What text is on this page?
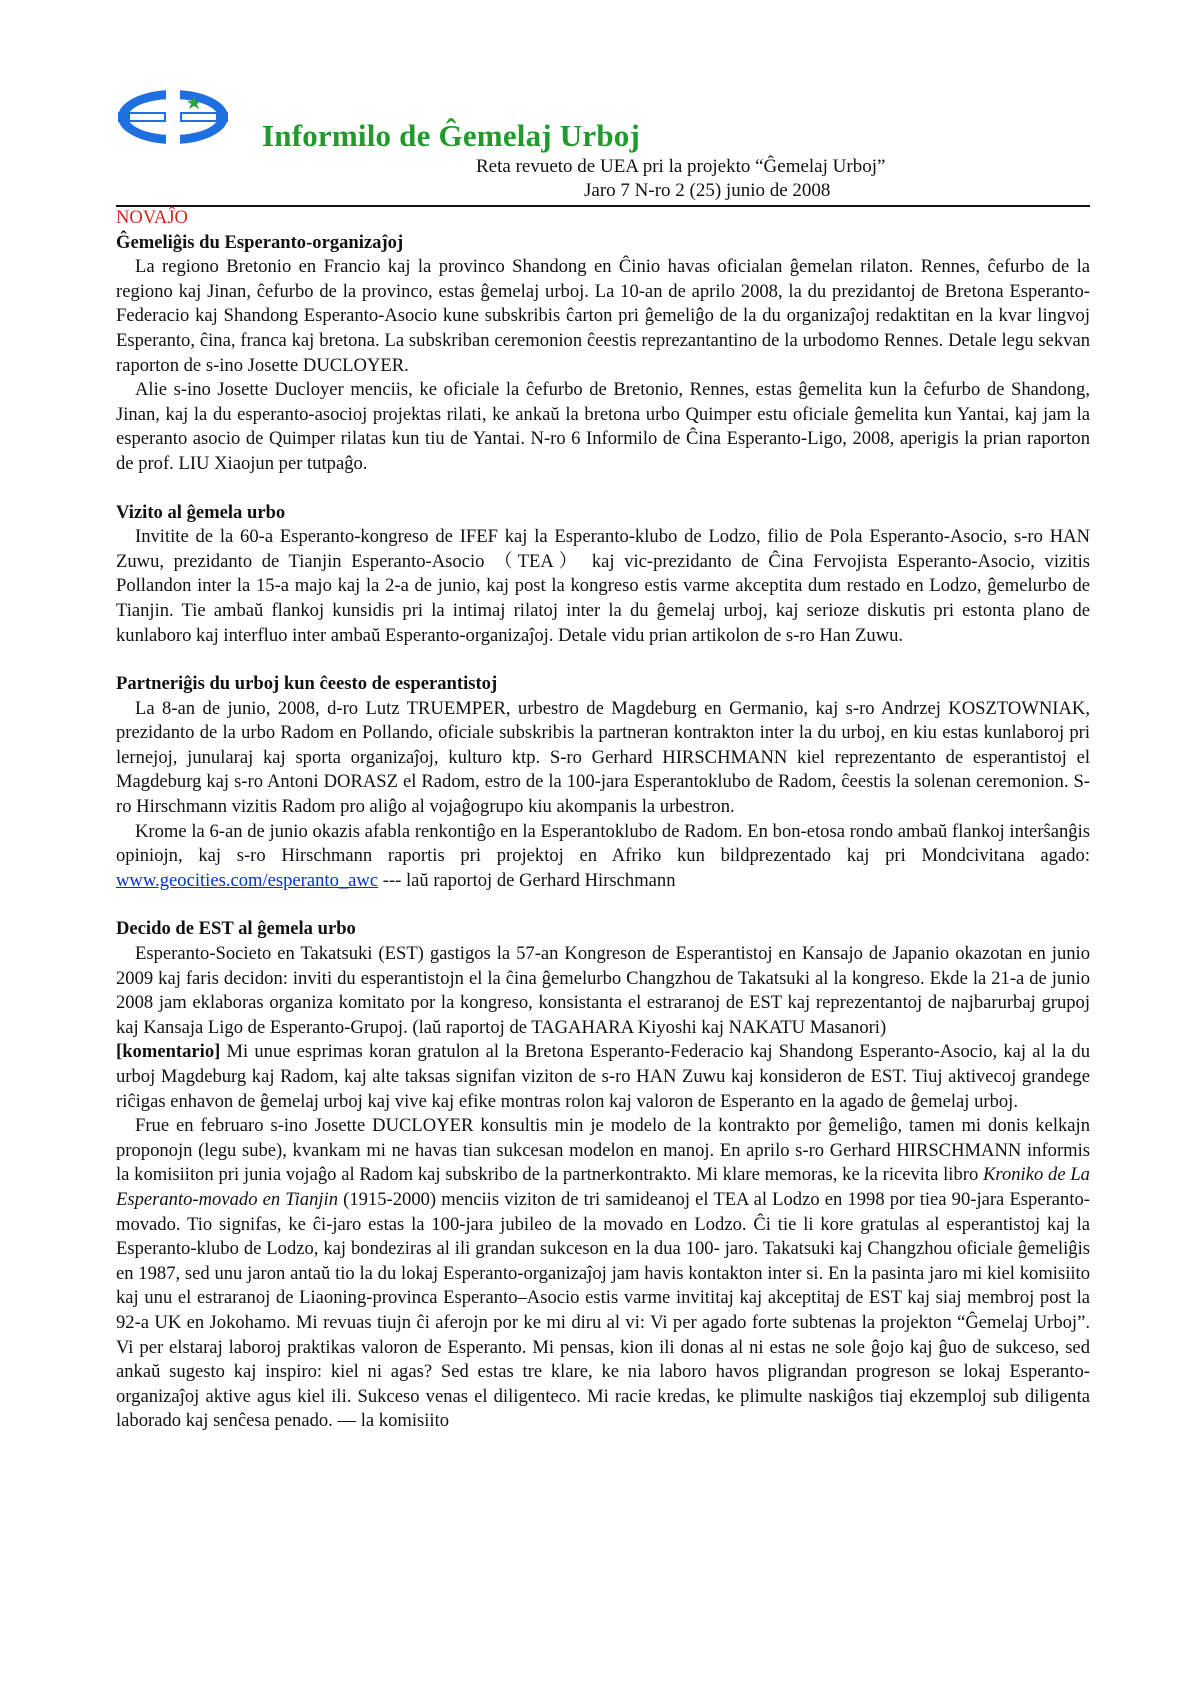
Informilo de Ĝemelaj Urboj
Reta revueto de UEA pri la projekto “Ĝemelaj Urboj”
Jaro 7 N-ro 2 (25) junio de 2008
NOVAĴO
Ĝemeliĝis du Esperanto-organizaĵoj

La regiono Bretonio en Francio kaj la provinco Shandong en Ĉinio havas oficialan ĝemelan rilaton. Rennes, ĉefurbo de la regiono kaj Jinan, ĉefurbo de la provinco, estas ĝemelaj urboj. La 10-an de aprilo 2008, la du prezidantoj de Bretona Esperanto-Federacio kaj Shandong Esperanto-Asocio kune subskribis ĉarton pri ĝemeliĝo de la du organizaĵoj redaktitan en la kvar lingvoj Esperanto, ĉina, franca kaj bretona. La subskriban ceremonion ĉeestis reprezantantino de la urbodomo Rennes. Detale legu sekvan raporton de s-ino Josette DUCLOYER.

Alie s-ino Josette Ducloyer menciis, ke oficiale la ĉefurbo de Bretonio, Rennes, estas ĝemelita kun la ĉefurbo de Shandong, Jinan, kaj la du esperanto-asocioj projektas rilati, ke ankaŭ la bretona urbo Quimper estu oficiale ĝemelita kun Yantai, kaj jam la esperanto asocio de Quimper rilatas kun tiu de Yantai. N-ro 6 Informilo de Ĉina Esperanto-Ligo, 2008, aperigis la prian raporton de prof. LIU Xiaojun per tutpaĝo.

Vizito al ĝemela urbo

Invitite de la 60-a Esperanto-kongreso de IFEF kaj la Esperanto-klubo de Lodzo, filio de Pola Esperanto-Asocio, s-ro HAN Zuwu, prezidanto de Tianjin Esperanto-Asocio （TEA） kaj vic-prezidanto de Ĉina Fervojista Esperanto-Asocio, vizitis Pollandon inter la 15-a majo kaj la 2-a de junio, kaj post la kongreso estis varme akceptita dum restado en Lodzo, ĝemelurbo de Tianjin. Tie ambaŭ flankoj kunsidis pri la intimaj rilatoj inter la du ĝemelaj urboj, kaj serioze diskutis pri estonta plano de kunlaboro kaj interfluo inter ambaŭ Esperanto-organizaĵoj. Detale vidu prian artikolon de s-ro Han Zuwu.

Partneriĝis du urboj kun ĉeesto de esperantistoj

La 8-an de junio, 2008, d-ro Lutz TRUEMPER, urbestro de Magdeburg en Germanio, kaj s-ro Andrzej KOSZTOWNIAK, prezidanto de la urbo Radom en Pollando, oficiale subskribis la partneran kontrakton inter la du urboj, en kiu estas kunlaboroj pri lernejoj, junularaj kaj sporta organizaĵoj, kulturo ktp. S-ro Gerhard HIRSCHMANN kiel reprezentanto de esperantistoj el Magdeburg kaj s-ro Antoni DORASZ el Radom, estro de la 100-jara Esperantoklubo de Radom, ĉeestis la solenan ceremonion. S-ro Hirschmann vizitis Radom pro aliĝo al vojaĝogrupo kiu akompanis la urbestron.

Krome la 6-an de junio okazis afabla renkontiĝo en la Esperantoklubo de Radom. En bon-etosa rondo ambaŭ flankoj interŝanĝis opiniojn, kaj s-ro Hirschmann raportis pri projektoj en Afriko kun bildprezentado kaj pri Mondcivitana agado: www.geocities.com/esperanto_awc --- laŭ raportoj de Gerhard Hirschmann

Decido de EST al ĝemela urbo

Esperanto-Societo en Takatsuki (EST) gastigos la 57-an Kongreson de Esperantistoj en Kansajo de Japanio okazotan en junio 2009 kaj faris decidon: inviti du esperantistojn el la ĉina ĝemelurbo Changzhou de Takatsuki al la kongreso. Ekde la 21-a de junio 2008 jam eklaboras organiza komitato por la kongreso, konsistanta el estraranoj de EST kaj reprezentantoj de najbarurbaj grupoj kaj Kansaja Ligo de Esperanto-Grupoj. (laŭ raportoj de TAGAHARA Kiyoshi kaj NAKATU Masanori)

[komentario] Mi unue esprimas koran gratulon al la Bretona Esperanto-Federacio kaj Shandong Esperanto-Asocio, kaj al la du urboj Magdeburg kaj Radom, kaj alte taksas signifan viziton de s-ro HAN Zuwu kaj konsideron de EST. Tiuj aktivecoj grandege riĉigas enhavon de ĝemelaj urboj kaj vive kaj efike montras rolon kaj valoron de Esperanto en la agado de ĝemelaj urboj.

Frue en februaro s-ino Josette DUCLOYER konsultis min je modelo de la kontrakto por ĝemeliĝo, tamen mi donis kelkajn proponojn (legu sube), kvankam mi ne havas tian sukcesan modelon en manoj. En aprilo s-ro Gerhard HIRSCHMANN informis la komisiiton pri junia vojaĝo al Radom kaj subskribo de la partnerkontrakto. Mi klare memoras, ke la ricevita libro Kroniko de La Esperanto-movado en Tianjin (1915-2000) menciis viziton de tri samideanoj el TEA al Lodzo en 1998 por tiea 90-jara Esperanto-movado. Tio signifas, ke ĉi-jaro estas la 100-jara jubileo de la movado en Lodzo. Ĉi tie li kore gratulas al esperantistoj kaj la Esperanto-klubo de Lodzo, kaj bondeziras al ili grandan sukceson en la dua 100- jaro. Takatsuki kaj Changzhou oficiale ĝemeliĝis en 1987, sed unu jaron antaŭ tio la du lokaj Esperanto-organizaĵoj jam havis kontakton inter si. En la pasinta jaro mi kiel komisiito kaj unu el estraranoj de Liaoning-provinca Esperanto–Asocio estis varme invititaj kaj akceptitaj de EST kaj siaj membroj post la 92-a UK en Jokohamo. Mi revuas tiujn ĉi aferojn por ke mi diru al vi: Vi per agado forte subtenas la projekton “Ĝemelaj Urboj”. Vi per elstaraj laboroj praktikas valoron de Esperanto. Mi pensas, kion ili donas al ni estas ne sole ĝojo kaj ĝuo de sukceso, sed ankaŭ sugesto kaj inspiro: kiel ni agas? Sed estas tre klare, ke nia laboro havos pligrandan progreson se lokaj Esperanto-organizaĵoj aktive agus kiel ili. Sukceso venas el diligenteco. Mi racie kredas, ke plimulte naskiĝos tiaj ekzemploj sub diligenta laborado kaj senĉesa penado. — la komisiito
